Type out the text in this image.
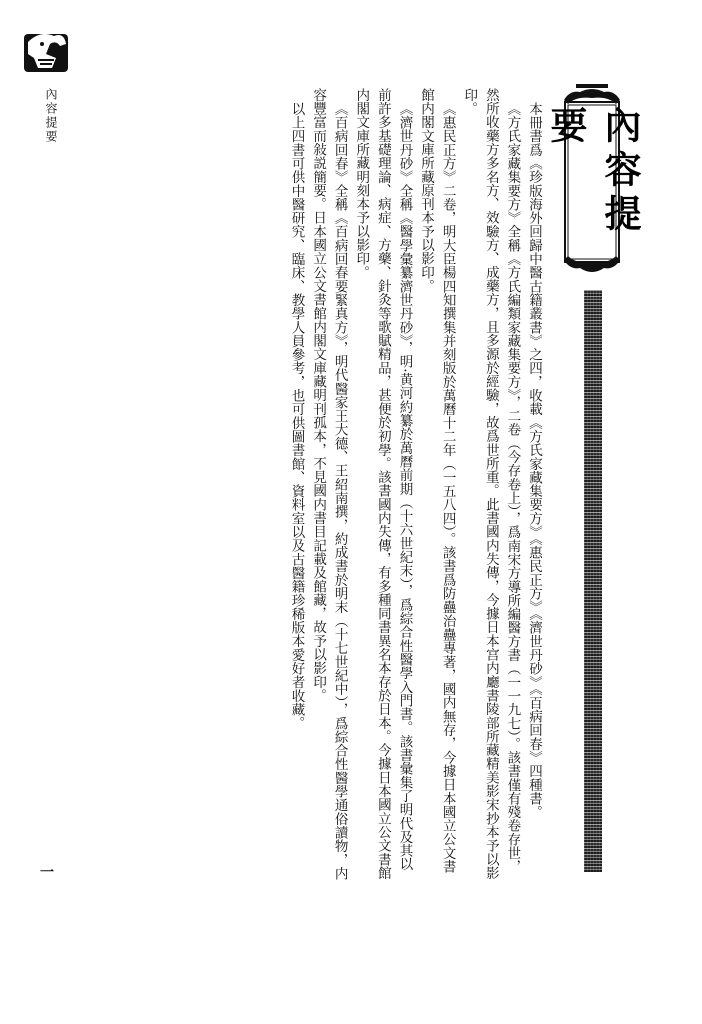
內容提要
一

本冊書爲《珍版海外回歸中醫古籍叢書》之四，收載《方氏家藏集要方》《惠民正方》《濟世丹砂》《百病回春》四種書。

《方氏家藏集要方》全稱《方氏編類家藏集要方》，二卷（今存卷上），爲南宋方導所編醫方書（一一九七）。該書僅有殘卷存世，然所收藥方多名方、效驗方、成藥方，且多源於經驗，故爲世所重。此書國内失傳，今據日本宫内廳書陵部所藏精美影宋抄本予以影印。

《惠民正方》二卷，明大臣楊四知撰集并刻版於萬曆十二年（一五八四）。該書爲防蠱治蠱專著，國内無存，今據日本國立公文書館内閣文庫所藏原刊本予以影印。

《濟世丹砂》全稱《醫學彙纂濟世丹砂》，明·黄河約纂於萬曆前期（十六世紀末），爲綜合性醫學入門書。該書彙集了明代及其以前許多基礎理論、病症、方藥、針灸等歌賦精品，甚便於初學。該書國内失傳，有多種同書異名本存於日本。今據日本國立公文書館内閣文庫所藏明刻本予以影印。

《百病回春》全稱《百病回春要緊真方》，明代醫家王大德、王紹南撰，約成書於明末（十七世紀中），爲綜合性醫學通俗讀物，内容豐富而敍説簡要。日本國立公文書館内閣文庫藏明刊孤本，不見國内書目記載及館藏，故予以影印。

以上四書可供中醫研究、臨床、教學人員參考，也可供圖書館、資料室以及古醫籍珍稀版本愛好者收藏。	內容提要
